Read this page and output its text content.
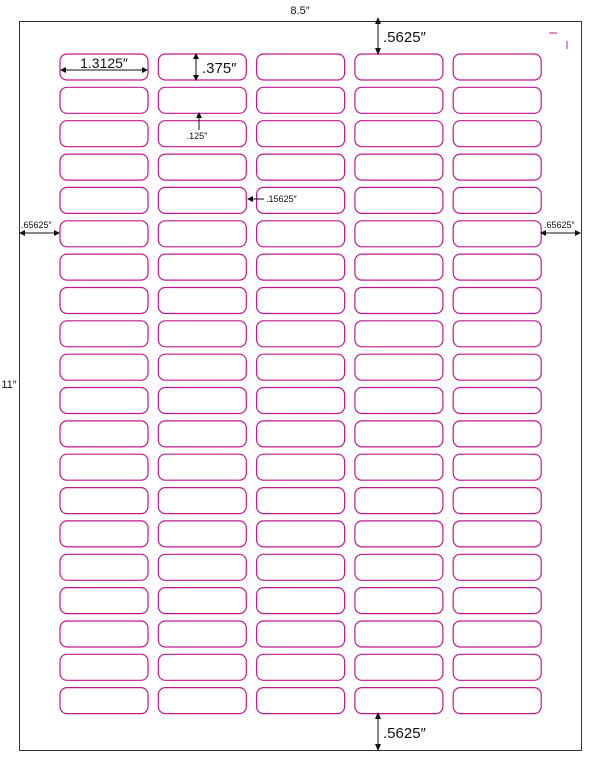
8.5″
11″
.5625″
.5625″
1.3125″	.375″
.125″
.15625″
.65625″	.65625″
